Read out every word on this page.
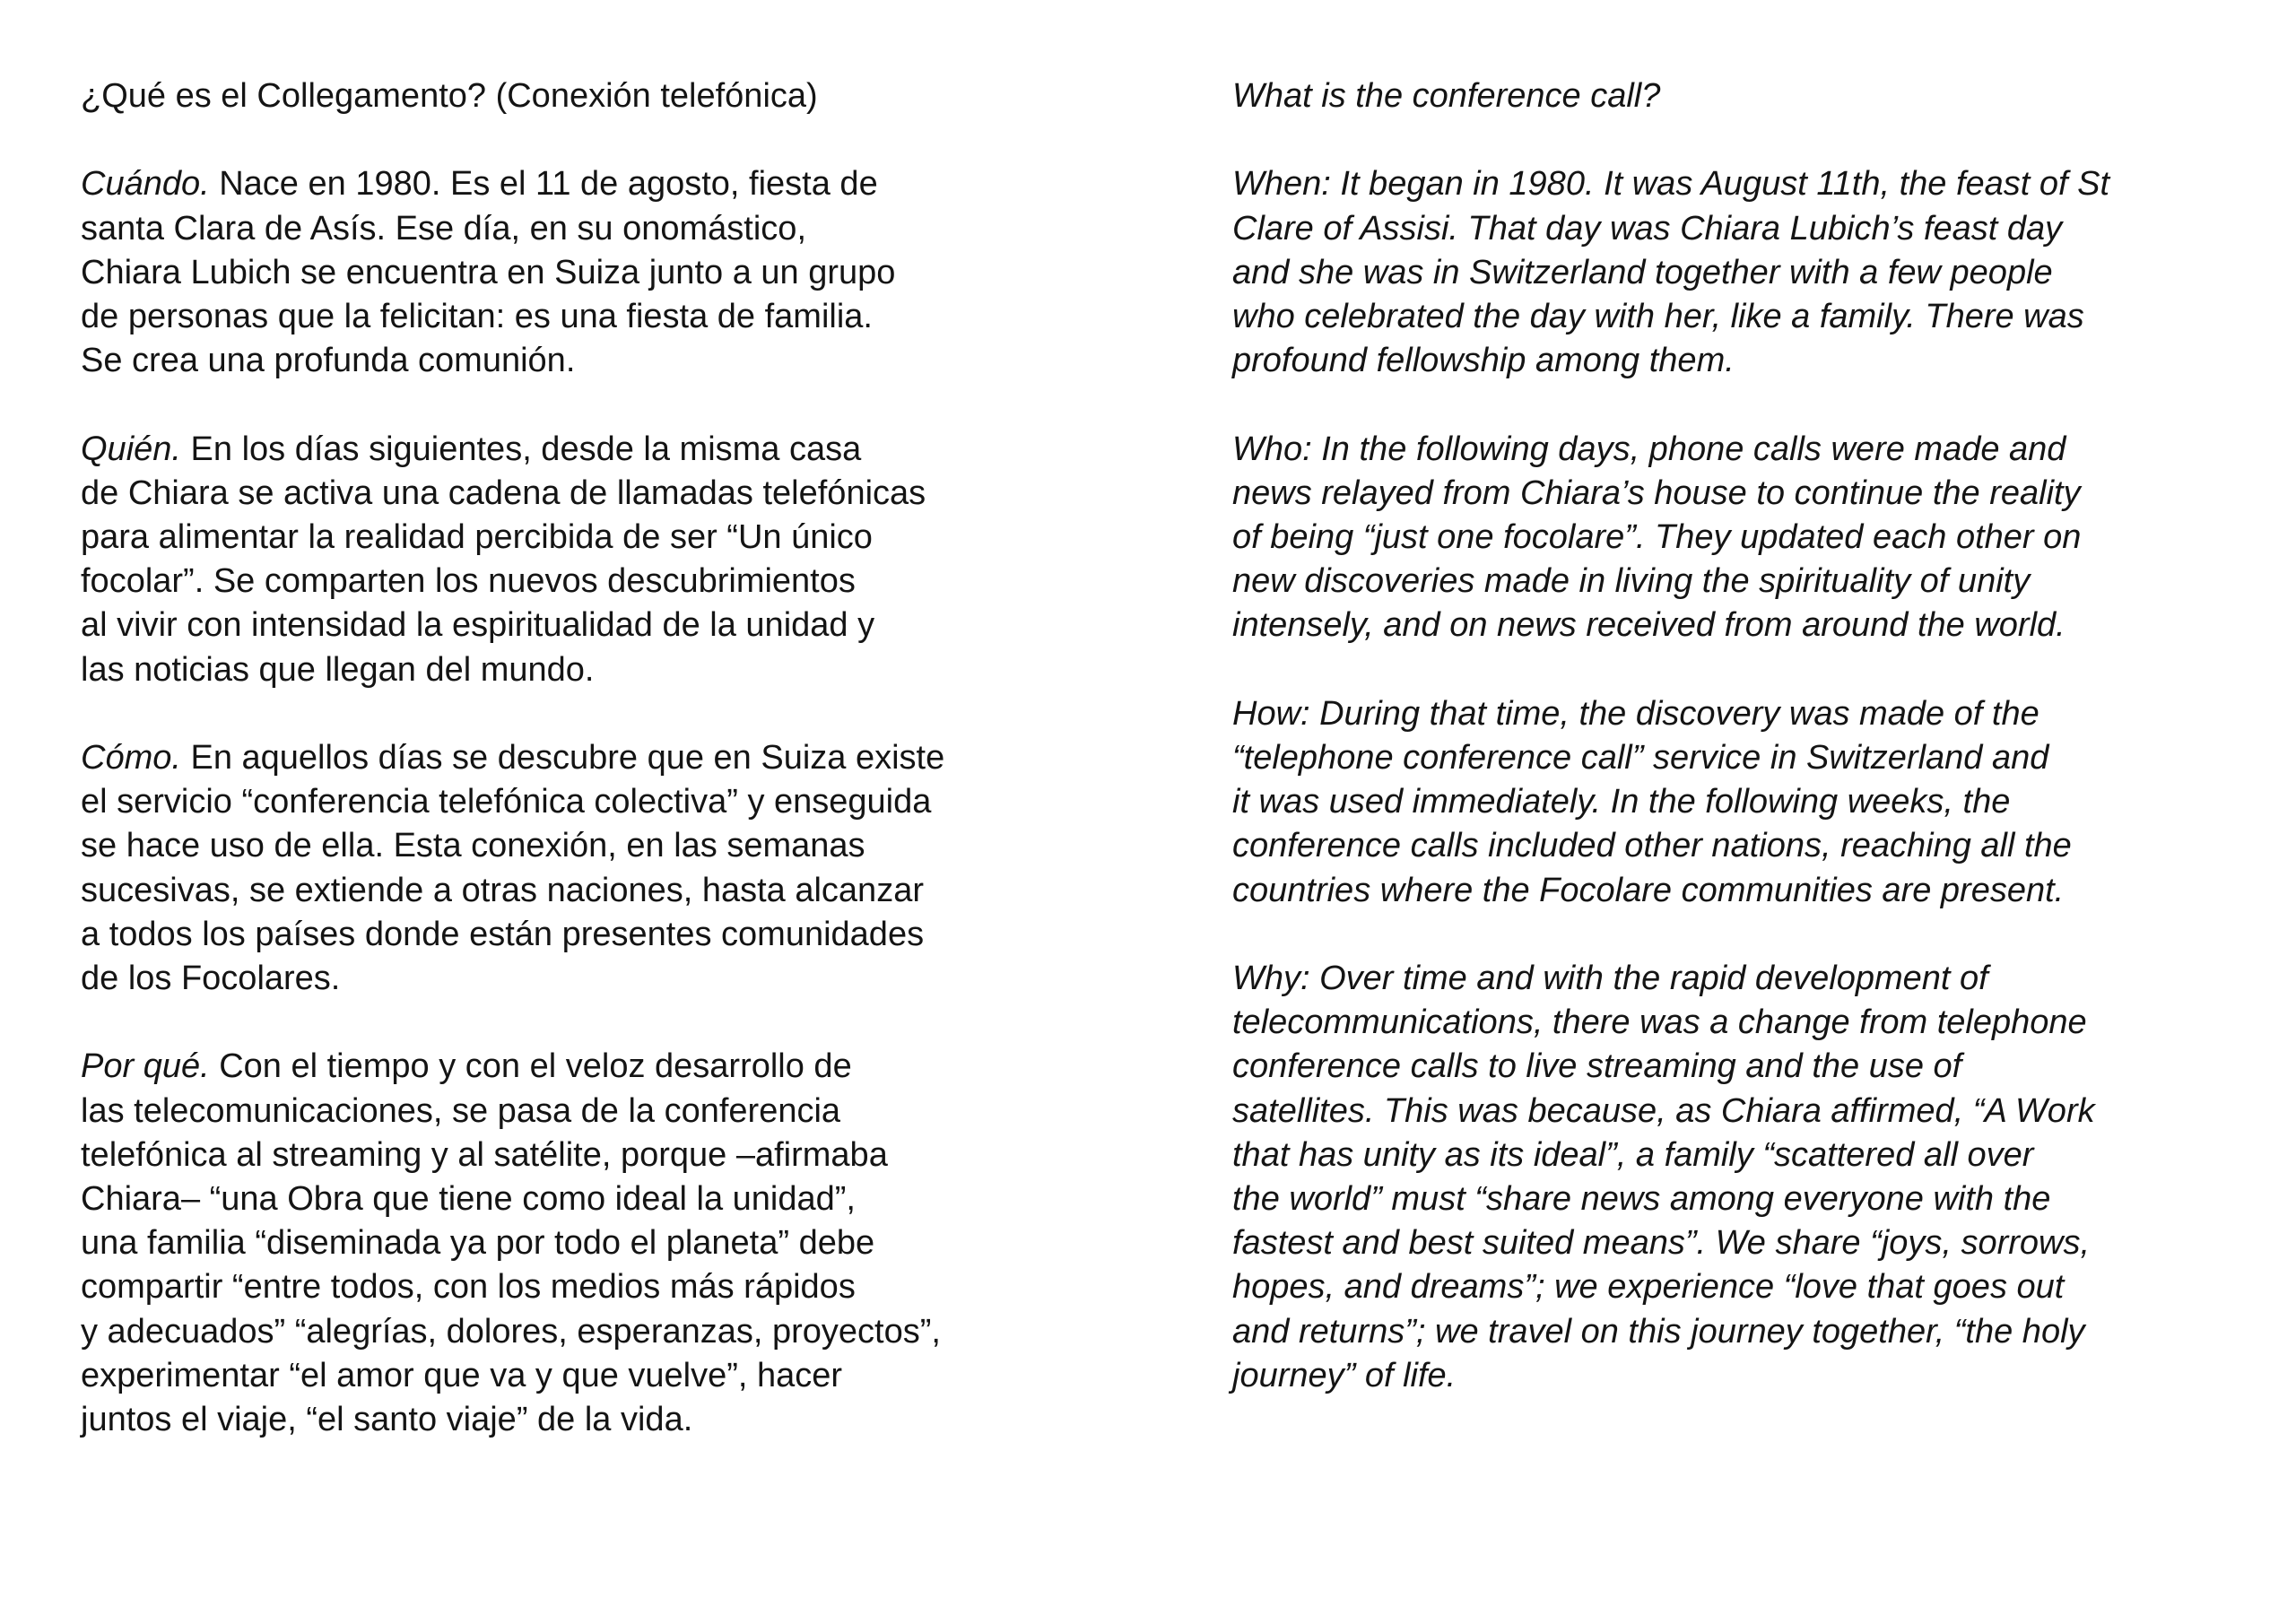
¿Qué es el Collegamento? (Conexión telefónica)

Cuándo. Nace en 1980. Es el 11 de agosto, fiesta de
santa Clara de Asís. Ese día, en su onomástico,
Chiara Lubich se encuentra en Suiza junto a un grupo
de personas que la felicitan: es una fiesta de familia.
Se crea una profunda comunión.

Quién. En los días siguientes, desde la misma casa
de Chiara se activa una cadena de llamadas telefónicas
para alimentar la realidad percibida de ser “Un único
focolar”. Se comparten los nuevos descubrimientos
al vivir con intensidad la espiritualidad de la unidad y
las noticias que llegan del mundo.

Cómo. En aquellos días se descubre que en Suiza existe
el servicio “conferencia telefónica colectiva” y enseguida
se hace uso de ella. Esta conexión, en las semanas
sucesivas, se extiende a otras naciones, hasta alcanzar
a todos los países donde están presentes comunidades
de los Focolares.

Por qué. Con el tiempo y con el veloz desarrollo de
las telecomunicaciones, se pasa de la conferencia
telefónica al streaming y al satélite, porque –afirmaba
Chiara– “una Obra que tiene como ideal la unidad”,
una familia “diseminada ya por todo el planeta” debe
compartir “entre todos, con los medios más rápidos
y adecuados” “alegrías, dolores, esperanzas, proyectos”,
experimentar “el amor que va y que vuelve”, hacer
juntos el viaje, “el santo viaje” de la vida.

What is the conference call?

When: It began in 1980. It was August 11th, the feast of St
Clare of Assisi. That day was Chiara Lubich’s feast day
and she was in Switzerland together with a few people
who celebrated the day with her, like a family. There was
profound fellowship among them.

Who: In the following days, phone calls were made and
news relayed from Chiara’s house to continue the reality
of being “just one focolare”. They updated each other on
new discoveries made in living the spirituality of unity
intensely, and on news received from around the world.

How: During that time, the discovery was made of the
“telephone conference call” service in Switzerland and
it was used immediately. In the following weeks, the
conference calls included other nations, reaching all the
countries where the Focolare communities are present.

Why: Over time and with the rapid development of
telecommunications, there was a change from telephone
conference calls to live streaming and the use of
satellites. This was because, as Chiara affirmed, “A Work
that has unity as its ideal”, a family “scattered all over
the world” must “share news among everyone with the
fastest and best suited means”. We share “joys, sorrows,
hopes, and dreams”; we experience “love that goes out
and returns”; we travel on this journey together, “the holy
journey” of life.
